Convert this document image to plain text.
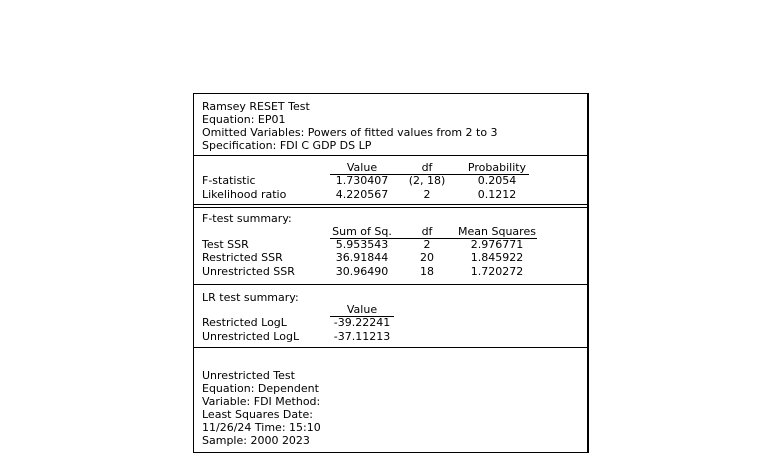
Ramsey RESET Test
Equation: EP01
Omitted Variables: Powers of fitted values from 2 to 3
Specification: FDI C GDP DS LP
Value	df	Probability
F-statistic	1.730407	(2, 18)	0.2054
Likelihood ratio	4.220567	2	0.1212
F-test summary:
Sum of Sq.	df	Mean Squares
Test SSR	5.953543	2	2.976771
Restricted SSR	36.91844	20	1.845922
Unrestricted SSR	30.96490	18	1.720272
LR test summary:
Value
Restricted LogL	-39.22241
Unrestricted LogL	-37.11213
Unrestricted Test
Equation: Dependent
Variable: FDI Method:
Least Squares Date:
11/26/24 Time: 15:10
Sample: 2000 2023
